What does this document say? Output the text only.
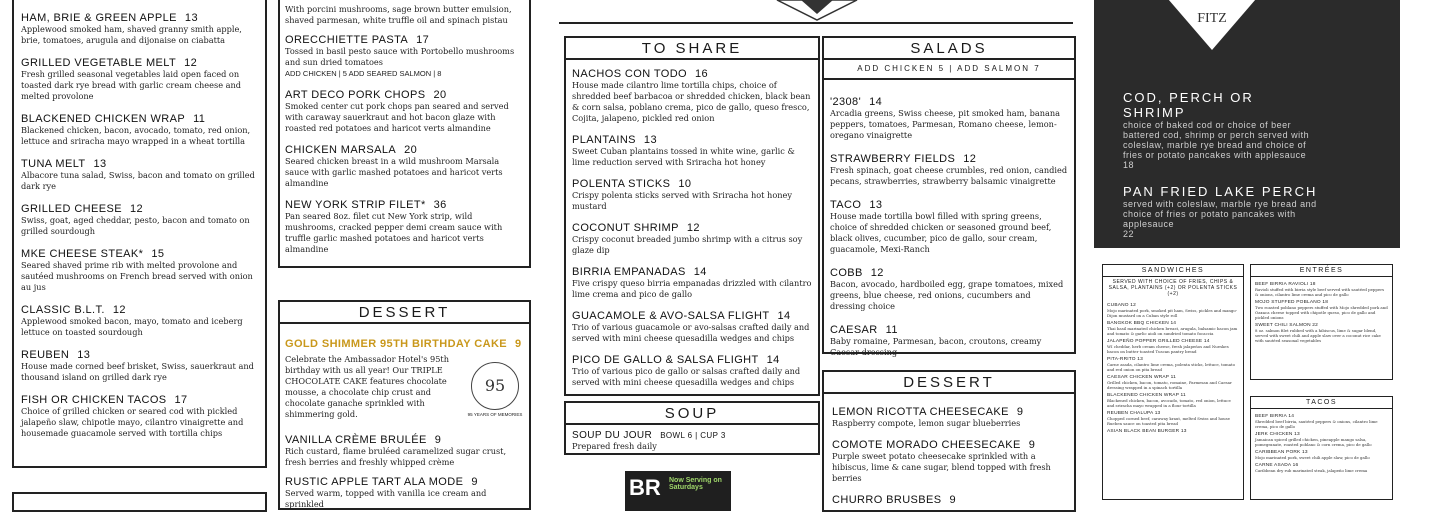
HAM, BRIE & GREEN APPLE 13
Applewood smoked ham, shaved granny smith apple, brie, tomatoes, arugula and dijonaise on ciabatta
GRILLED VEGETABLE MELT 12
Fresh grilled seasonal vegetables laid open faced on toasted dark rye bread with garlic cream cheese and melted provolone
BLACKENED CHICKEN WRAP 11
Blackened chicken, bacon, avocado, tomato, red onion, lettuce and sriracha mayo wrapped in a wheat tortilla
TUNA MELT 13
Albacore tuna salad, Swiss, bacon and tomato on grilled dark rye
GRILLED CHEESE 12
Swiss, goat, aged cheddar, pesto, bacon and tomato on grilled sourdough
MKE CHEESE STEAK* 15
Seared shaved prime rib with melted provolone and sautéed mushrooms on French bread served with onion au jus
CLASSIC B.L.T. 12
Applewood smoked bacon, mayo, tomato and iceberg lettuce on toasted sourdough
REUBEN 13
House made corned beef brisket, Swiss, sauerkraut and thousand island on grilled dark rye
FISH OR CHICKEN TACOS 17
Choice of grilled chicken or seared cod with pickled jalapeño slaw, chipotle mayo, cilantro vinaigrette and housemade guacamole served with tortilla chips
With porcini mushrooms, sage brown butter emulsion, shaved parmesan, white truffle oil and spinach pistau
ORECCHIETTE PASTA 17
Tossed in basil pesto sauce with Portobello mushrooms and sun dried tomatoes
ADD CHICKEN | 5 ADD SEARED SALMON | 8
ART DECO PORK CHOPS 20
Smoked center cut pork chops pan seared and served with caraway sauerkraut and hot bacon glaze with roasted red potatoes and haricot verts almandine
CHICKEN MARSALA 20
Seared chicken breast in a wild mushroom Marsala sauce with garlic mashed potatoes and haricot verts almandine
NEW YORK STRIP FILET* 36
Pan seared 8oz. filet cut New York strip, wild mushrooms, cracked pepper demi cream sauce with truffle garlic mashed potatoes and haricot verts almandine
DESSERT
GOLD SHIMMER 95TH BIRTHDAY CAKE 9
Celebrate the Ambassador Hotel's 95th birthday with us all year! Our TRIPLE CHOCOLATE CAKE features chocolate mousse, a chocolate chip crust and chocolate ganache sprinkled with shimmering gold.
95
95 YEARS OF MEMORIES
VANILLA CRÈME BRULÉE 9
Rich custard, flame bruléed caramelized sugar crust, fresh berries and freshly whipped crème
RUSTIC APPLE TART ALA MODE 9
Served warm, topped with vanilla ice cream and sprinkled
TO SHARE
NACHOS CON TODO 16
House made cilantro lime tortilla chips, choice of shredded beef barbacoa or shredded chicken, black bean & corn salsa, poblano crema, pico de gallo, queso fresco, Cojita, jalapeno, pickled red onion
PLANTAINS 13
Sweet Cuban plantains tossed in white wine, garlic & lime reduction served with Sriracha hot honey
POLENTA STICKS 10
Crispy polenta sticks served with Sriracha hot honey mustard
COCONUT SHRIMP 12
Crispy coconut breaded jumbo shrimp with a citrus soy glaze dip
BIRRIA EMPANADAS 14
Five crispy queso birria empanadas drizzled with cilantro lime crema and pico de gallo
GUACAMOLE & AVO-SALSA FLIGHT 14
Trio of various guacamole or avo-salsas crafted daily and served with mini cheese quesadilla wedges and chips
PICO DE GALLO & SALSA FLIGHT 14
Trio of various pico de gallo or salsas crafted daily and served with mini cheese quesadilla wedges and chips
SOUP
SOUP DU JOUR BOWL 6 | CUP 3
Prepared fresh daily
BR Now Serving on Saturdays
SALADS
ADD CHICKEN 5 | ADD SALMON 7
'2308' 14
Arcadia greens, Swiss cheese, pit smoked ham, banana peppers, tomatoes, Parmesan, Romano cheese, lemon-oregano vinaigrette
STRAWBERRY FIELDS 12
Fresh spinach, goat cheese crumbles, red onion, candied pecans, strawberries, strawberry balsamic vinaigrette
TACO 13
House made tortilla bowl filled with spring greens, choice of shredded chicken or seasoned ground beef, black olives, cucumber, pico de gallo, sour cream, guacamole, Mexi-Ranch
COBB 12
Bacon, avocado, hardboiled egg, grape tomatoes, mixed greens, blue cheese, red onions, cucumbers and dressing choice
CAESAR 11
Baby romaine, Parmesan, bacon, croutons, creamy Caesar dressing
DESSERT
LEMON RICOTTA CHEESECAKE 9
Raspberry compote, lemon sugar blueberries
COMOTE MORADO CHEESECAKE 9
Purple sweet potato cheesecake sprinkled with a hibiscus, lime & cane sugar, blend topped with fresh berries
CHURRO BRUSBES 9
FITZ	IDAY FI
COD, PERCH OR SHRIMP
choice of baked cod or choice of beer battered cod, shrimp or perch served with coleslaw, marble rye bread and choice of fries or potato pancakes with applesauce
18
PAN FRIED LAKE PERCH
served with coleslaw, marble rye bread and choice of fries or potato pancakes with applesauce
22
SANDWICHES
SERVED WITH CHOICE OF FRIES, CHIPS & SALSA, PLANTAINS (+2) OR POLENTA STICKS (+2)
CUBANO 12
Mojo marinated pork, smoked pit ham, Swiss, pickles and mango-Dijon mustard on a Cuban style roll
BANGKOK BBQ CHICKEN 14
Thai basil marinated chicken breast, arugula, balsamic bacon jam and tomato & garlic aioli on sundried tomato focaccia
JALAPEÑO POPPER GRILLED CHEESE 14
WI cheddar, herb cream cheese, fresh jalapeños and Nueskes bacon on butter toasted Tuscan pantry bread
PITA-RRITO 13
Carne asada, cilantro lime crema, polenta sticks, lettuce, tomato and red onion on pita bread
CAESAR CHICKEN WRAP 11
Grilled chicken, bacon, tomato, romaine, Parmesan and Caesar dressing wrapped in a spinach tortilla
BLACKENED CHICKEN WRAP 11
Blackened chicken, bacon, avocado, tomato, red onion, lettuce and sriracha mayo wrapped in a flour tortilla
REUBEN CHALUPA 13
Chopped corned beef, caraway kraut, melted Swiss and house Rueben sauce on toasted pita bread
ASIAN BLACK BEAN BURGER 13
ENTRÉES
BEEF BIRRIA RAVIOLI 18
Ravioli stuffed with birria style beef served with sautéed peppers & onions, cilantro lime crema and pico de gallo
MOJO STUFFED POBLANO 18
Two roasted poblano peppers stuffed with Mojo shredded pork and Oaxaca cheese topped with chipotle queso, pico de gallo and pickled onions
SWEET CHILI SALMON 22
8 oz. salmon filet rubbed with a hibiscus, lime & sugar blend, served with sweet chili and apple slaw over a coconut rice cake with sautéed seasonal vegetables
TACOS
BEEF BIRRIA 14
Shredded beef birria, sautéed peppers & onions, cilantro lime crema, pico de gallo
JERK CHICKEN 13
Jamaican spiced grilled chicken, pineapple mango salsa, pomegranate, roasted poblano & corn crema, pico de gallo
CARIBBEAN PORK 13
Mojo marinated pork, sweet chili apple slaw, pico de gallo
CARNE ASADA 16
Caribbean dry rub marinated steak, jalapeño lime crema
